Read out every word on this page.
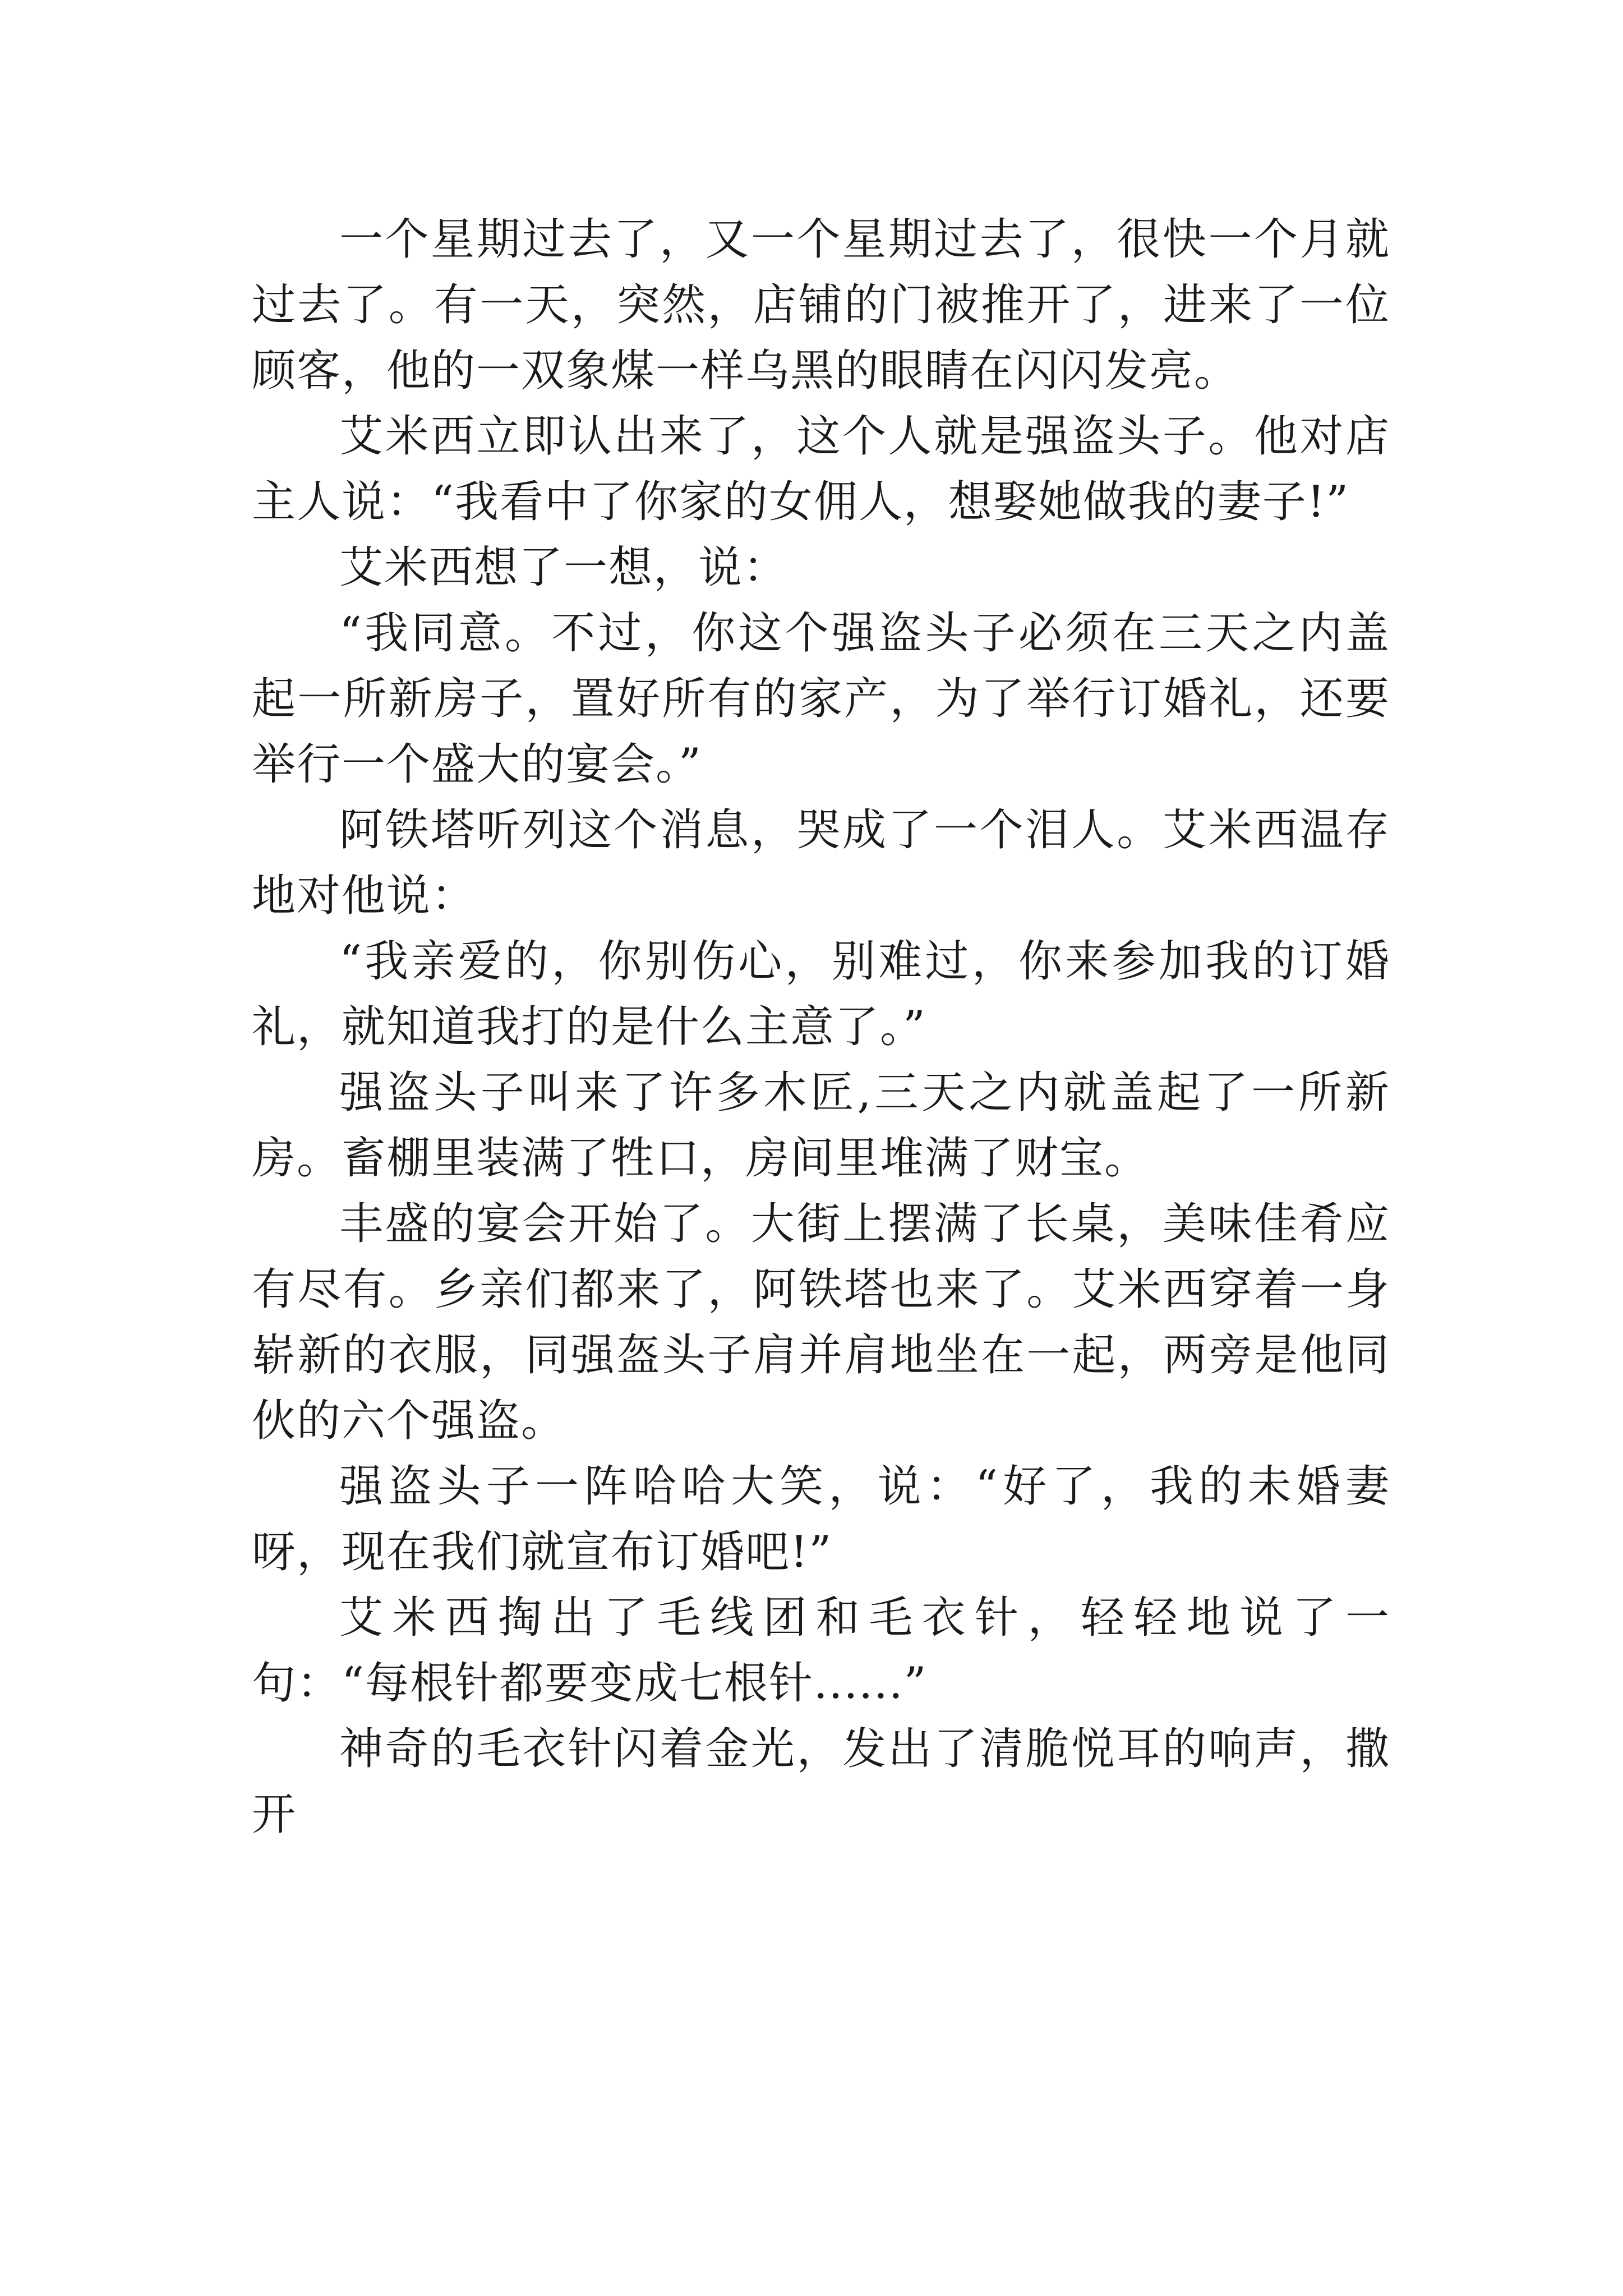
一个星期过去了，又一个星期过去了，很快一个月就过去了。有一天，突然，店铺的门被推开了，进来了一位顾客，他的一双象煤一样乌黑的眼睛在闪闪发亮。

艾米西立即认出来了，这个人就是强盗头子。他对店主人说：“我看中了你家的女佣人，想娶她做我的妻子!”

艾米西想了一想，说：

“我同意。不过，你这个强盗头子必须在三天之内盖起一所新房子，置好所有的家产，为了举行订婚礼，还要举行一个盛大的宴会。”

阿铁塔听列这个消息，哭成了一个泪人。艾米西温存地对他说：

“我亲爱的，你别伤心，别难过，你来参加我的订婚礼，就知道我打的是什么主意了。”

强盗头子叫来了许多木匠,三天之内就盖起了一所新房。畜棚里装满了牲口，房间里堆满了财宝。

丰盛的宴会开始了。大街上摆满了长桌，美味佳肴应有尽有。乡亲们都来了，阿铁塔也来了。艾米西穿着一身崭新的衣服，同强盔头子肩并肩地坐在一起，两旁是他同伙的六个强盗。

强盗头子一阵哈哈大笑，说：“好了，我的未婚妻呀，现在我们就宣布订婚吧!”

艾米西掏出了毛线团和毛衣针，轻轻地说了一句：“每根针都要变成七根针......”

神奇的毛衣针闪着金光，发出了清脆悦耳的响声，撒开
